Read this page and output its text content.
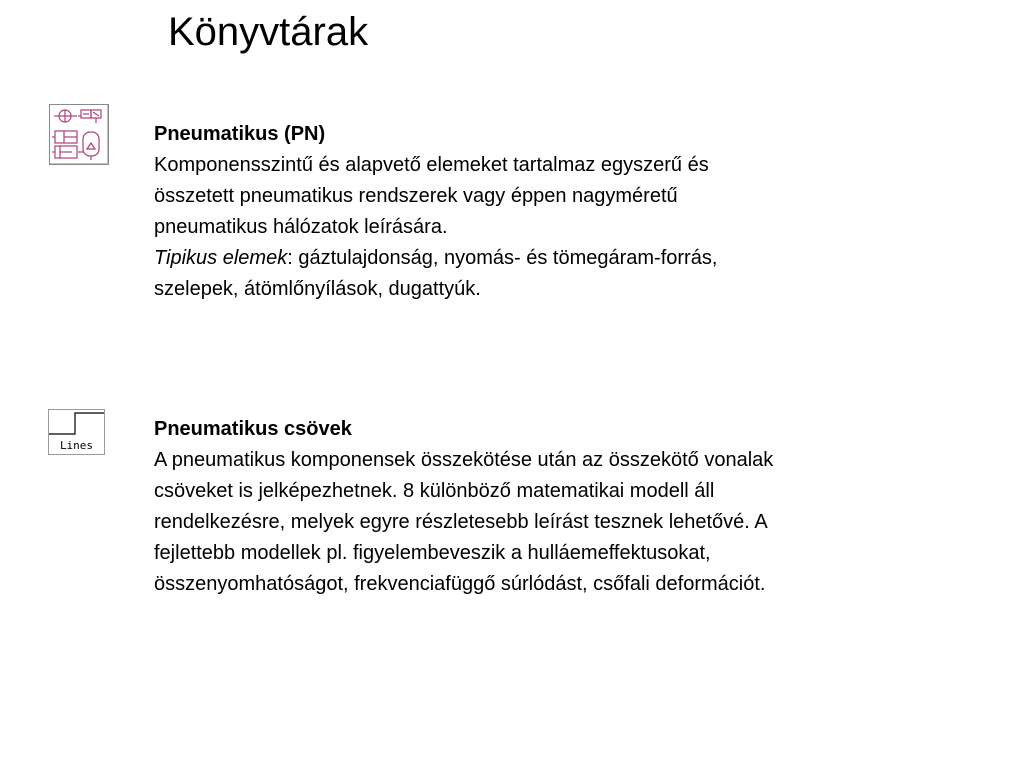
Könyvtárak
Pneumatikus (PN)
Komponensszintű és alapvető elemeket tartalmaz egyszerű és
összetett pneumatikus rendszerek vagy éppen nagyméretű
pneumatikus hálózatok leírására.
Tipikus elemek: gáztulajdonság, nyomás- és tömegáram-forrás,
szelepek, átömlőnyílások, dugattyúk.
Lines
Pneumatikus csövek
A pneumatikus komponensek összekötése után az összekötő vonalak
csöveket is jelképezhetnek. 8 különböző matematikai modell áll
rendelkezésre, melyek egyre részletesebb leírást tesznek lehetővé. A
fejlettebb modellek pl. figyelembeveszik a hulláemeffektusokat,
összenyomhatóságot, frekvenciafüggő súrlódást, csőfali deformációt.
